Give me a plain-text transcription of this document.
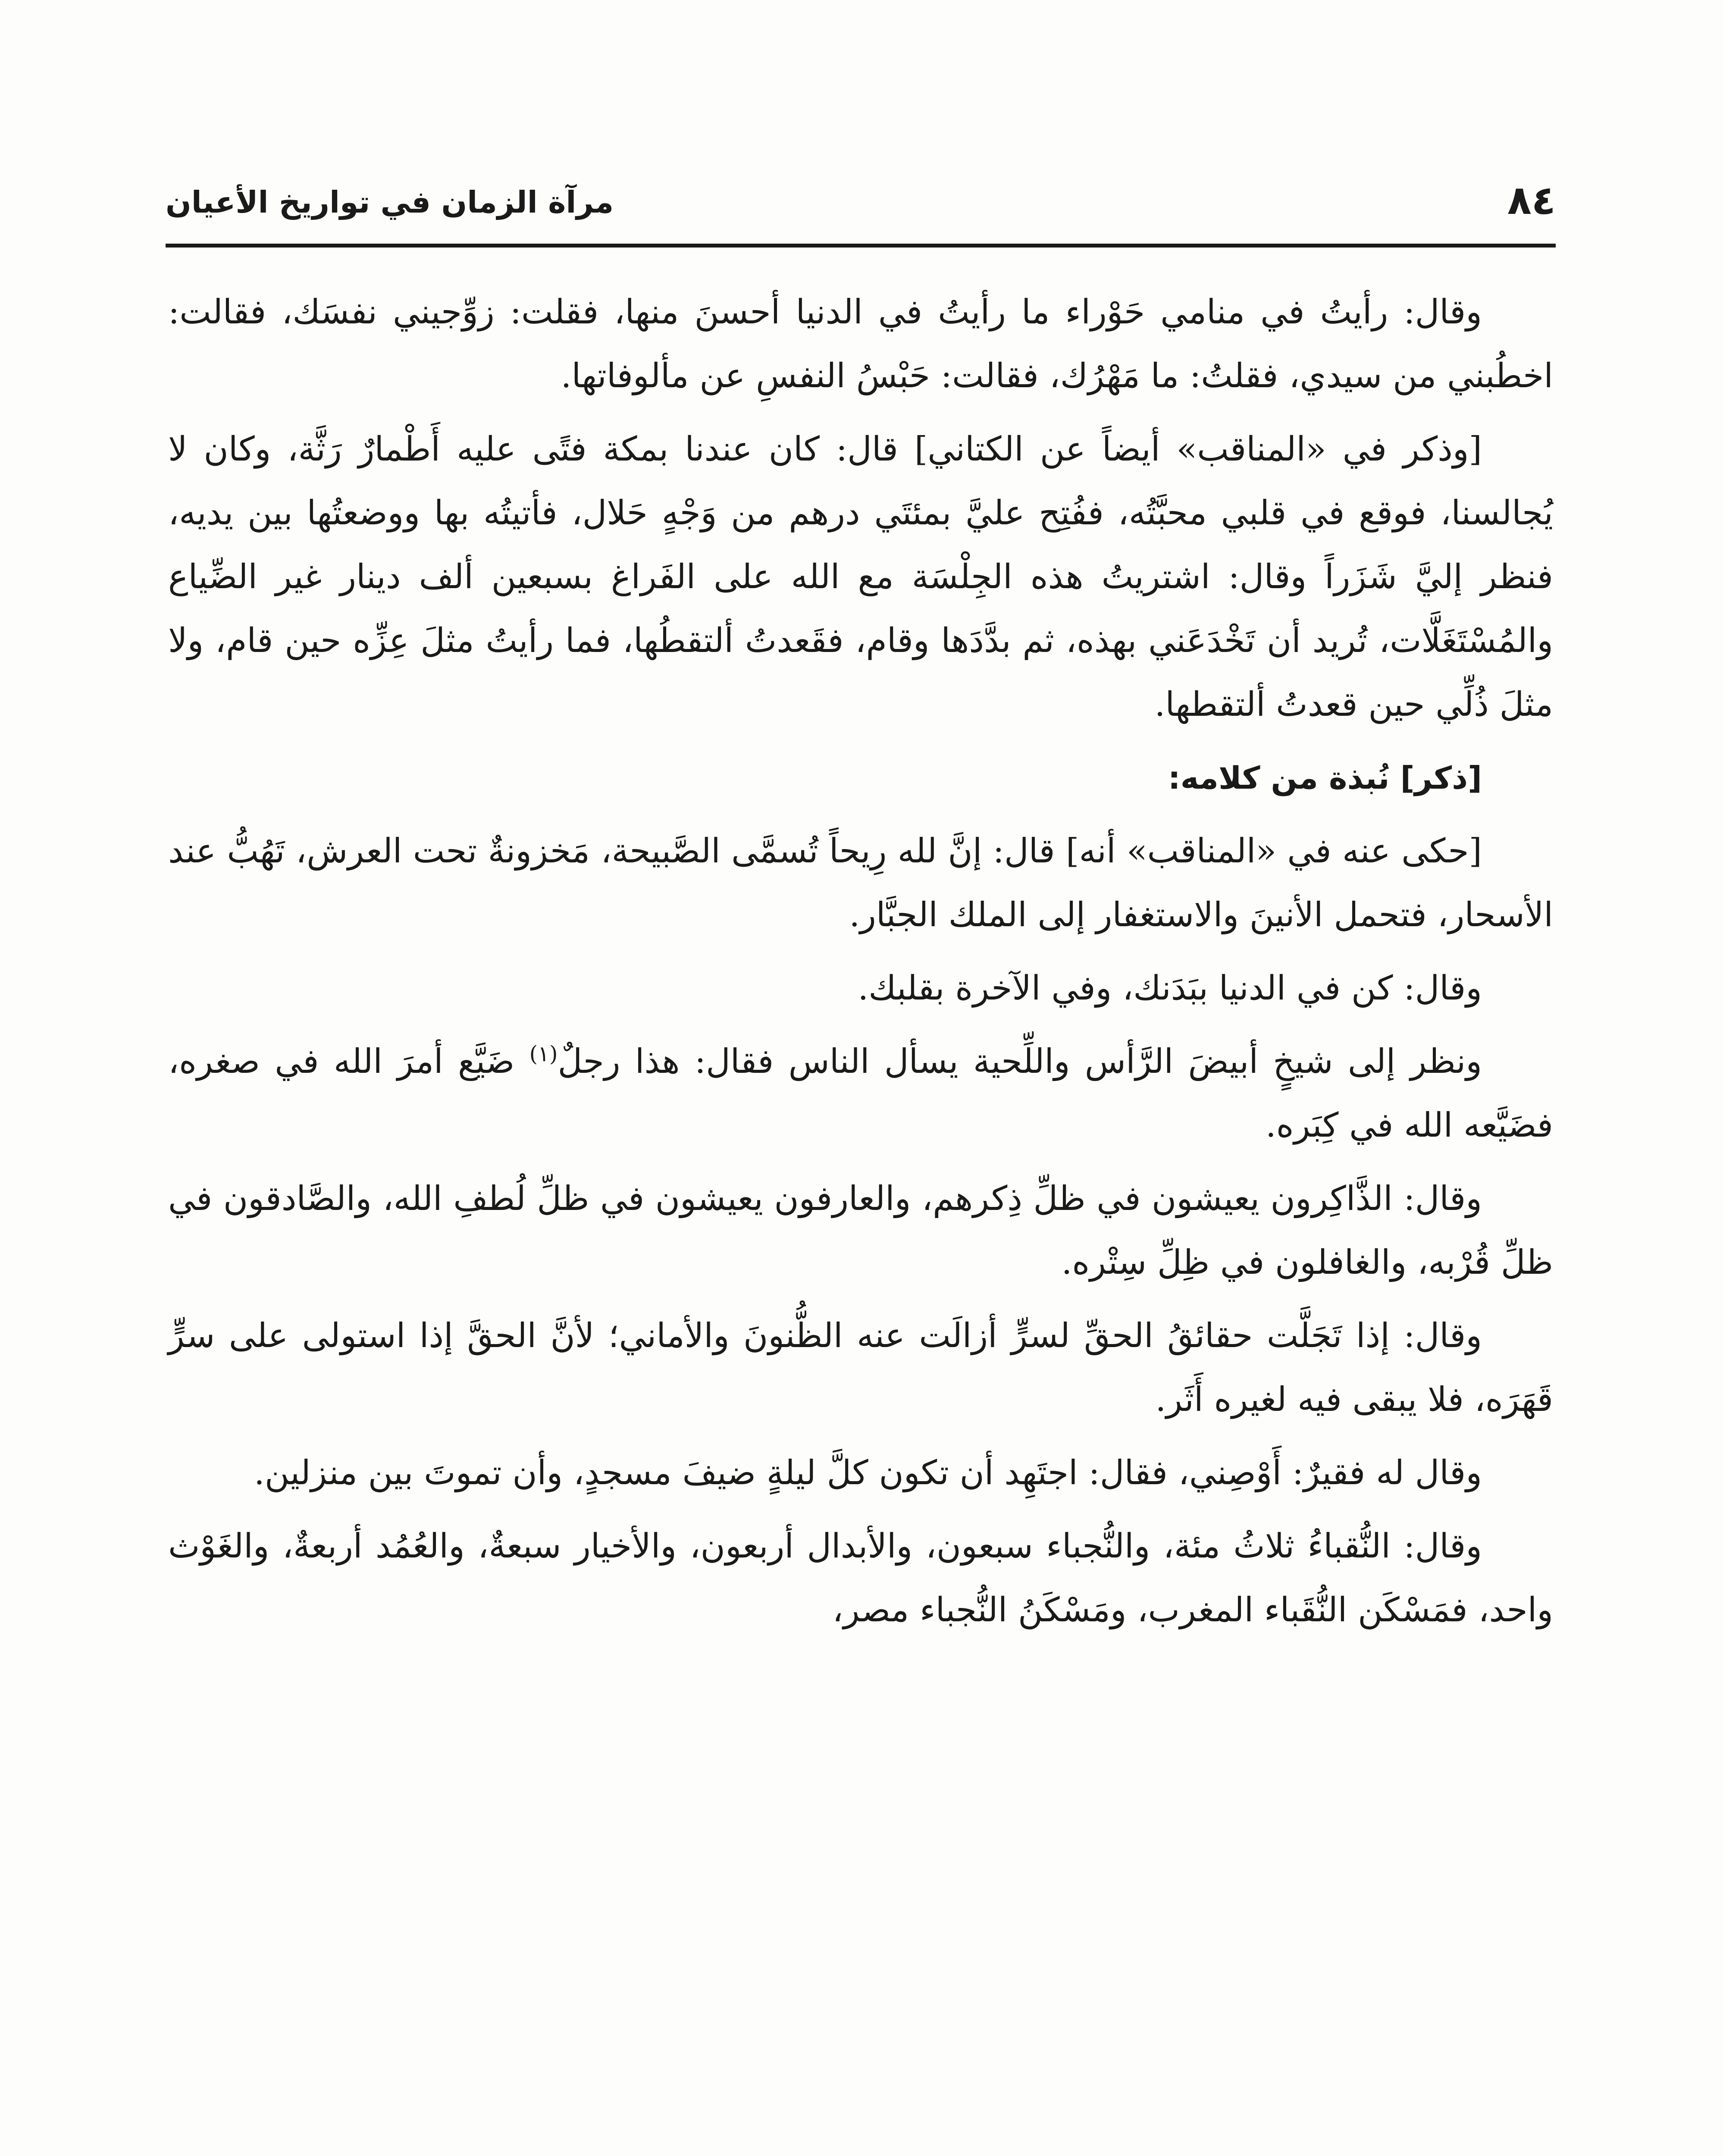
٨٤
مرآة الزمان في تواريخ الأعيان

وقال: رأيتُ في منامي حَوْراء ما رأيتُ في الدنيا أحسنَ منها، فقلت: زوِّجيني نفسَك، فقالت: اخطُبني من سيدي، فقلتُ: ما مَهْرُك، فقالت: حَبْسُ النفسِ عن مألوفاتها.

[وذكر في «المناقب» أيضاً عن الكتاني] قال: كان عندنا بمكة فتًى عليه أَطْمارٌ رَثَّة، وكان لا يُجالسنا، فوقع في قلبي محبَّتُه، ففُتِح عليَّ بمئتَي درهم من وَجْهٍ حَلال، فأتيتُه بها ووضعتُها بين يديه، فنظر إليَّ شَزَراً وقال: اشتريتُ هذه الجِلْسَة مع الله على الفَراغ بسبعين ألف دينار غير الضِّياع والمُسْتَغَلَّات، تُريد أن تَخْدَعَني بهذه، ثم بدَّدَها وقام، فقَعدتُ ألتقطُها، فما رأيتُ مثلَ عِزِّه حين قام، ولا مثلَ ذُلِّي حين قعدتُ ألتقطها.

[ذكر] نُبذة من كلامه:

[حكى عنه في «المناقب» أنه] قال: إنَّ لله رِيحاً تُسمَّى الصَّبيحة، مَخزونةٌ تحت العرش، تَهُبُّ عند الأسحار، فتحمل الأنينَ والاستغفار إلى الملك الجبَّار.

وقال: كن في الدنيا ببَدَنك، وفي الآخرة بقلبك.

ونظر إلى شيخٍ أبيضَ الرَّأس واللِّحية يسأل الناس فقال: هذا رجلٌ$^{(١)}$ ضَيَّع أمرَ الله في صغره، فضَيَّعه الله في كِبَره.

وقال: الذَّاكِرون يعيشون في ظلِّ ذِكرهم، والعارفون يعيشون في ظلِّ لُطفِ الله، والصَّادقون في ظلِّ قُرْبه، والغافلون في ظِلِّ سِتْره.

وقال: إذا تَجَلَّت حقائقُ الحقِّ لسرٍّ أزالَت عنه الظُّنونَ والأماني؛ لأنَّ الحقَّ إذا استولى على سرٍّ قَهَرَه، فلا يبقى فيه لغيره أَثَر.

وقال له فقيرٌ: أَوْصِني، فقال: اجتَهِد أن تكون كلَّ ليلةٍ ضيفَ مسجدٍ، وأن تموتَ بين منزلين.

وقال: النُّقباءُ ثلاثُ مئة، والنُّجباء سبعون، والأبدال أربعون، والأخيار سبعةٌ، والعُمُد أربعةٌ، والغَوْث واحد، فمَسْكَن النُّقَباء المغرب، ومَسْكَنُ النُّجباء مصر،
